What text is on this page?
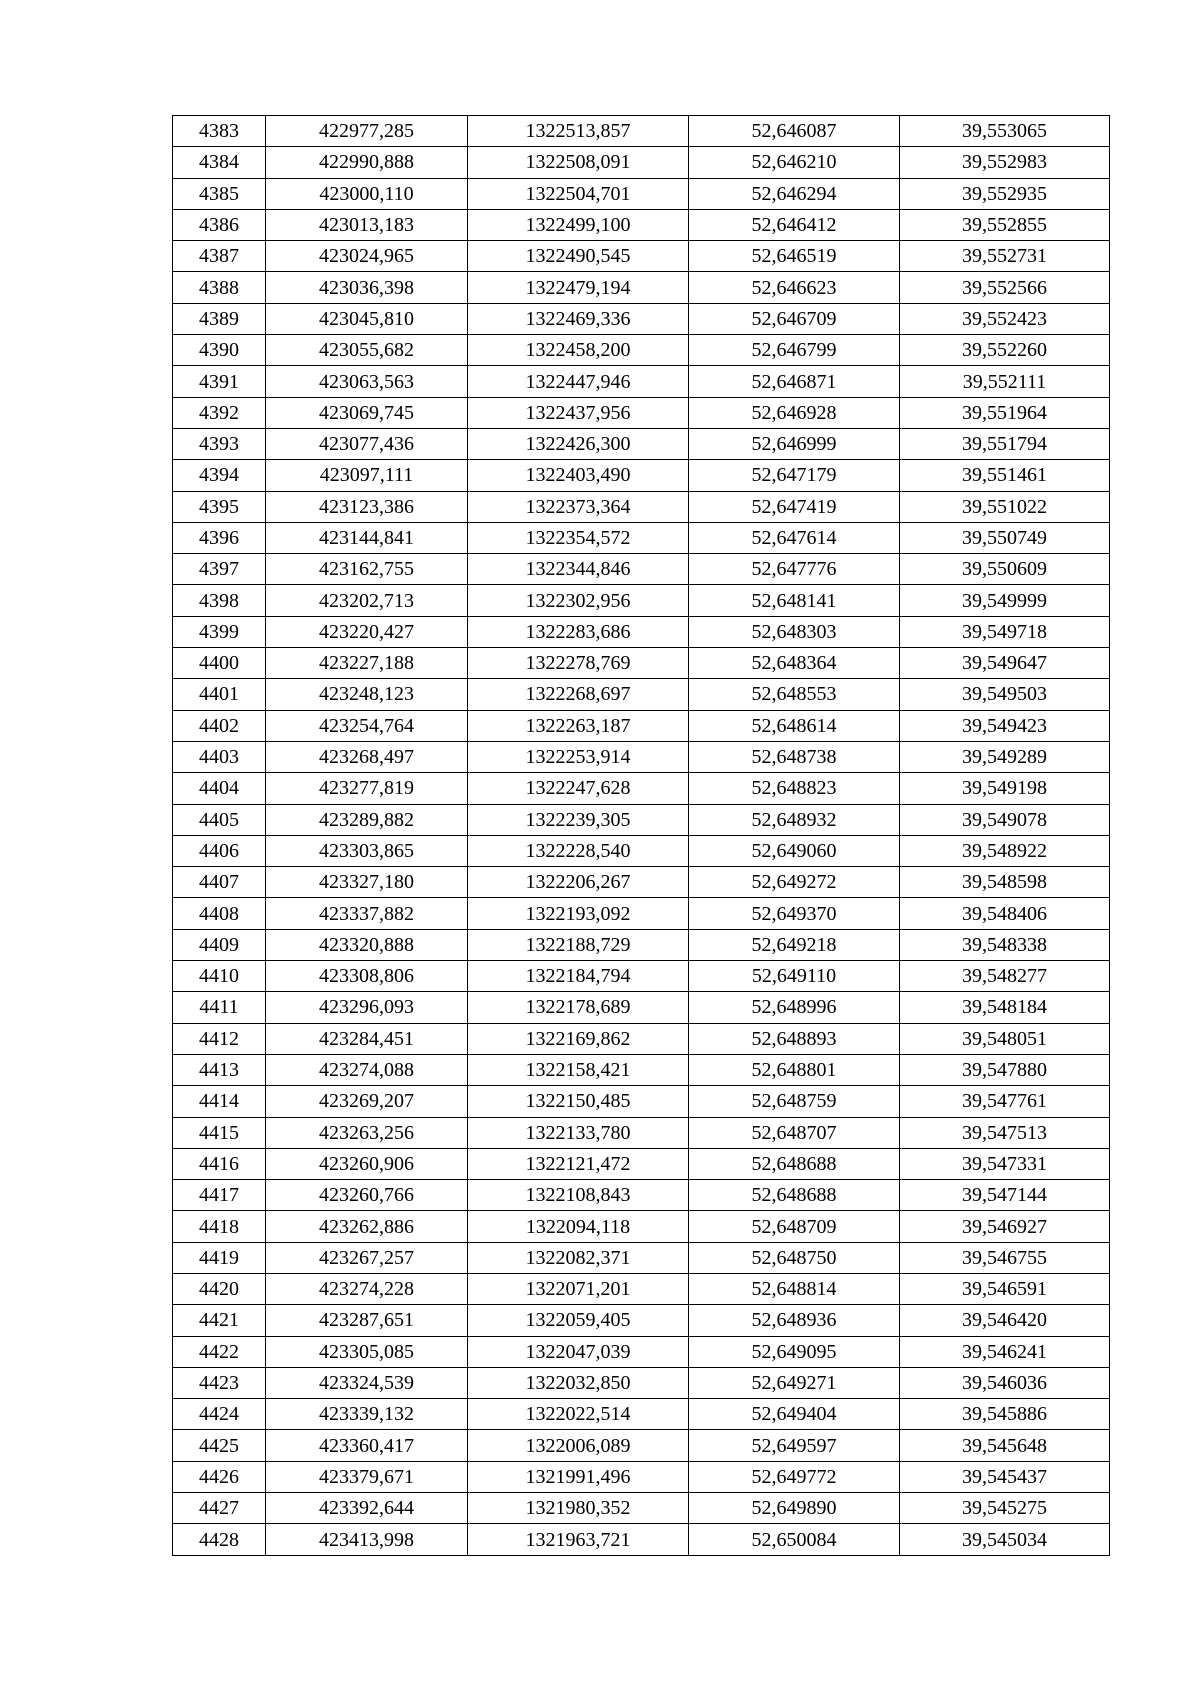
4383	422977,285	1322513,857	52,646087	39,553065
4384	422990,888	1322508,091	52,646210	39,552983
4385	423000,110	1322504,701	52,646294	39,552935
4386	423013,183	1322499,100	52,646412	39,552855
4387	423024,965	1322490,545	52,646519	39,552731
4388	423036,398	1322479,194	52,646623	39,552566
4389	423045,810	1322469,336	52,646709	39,552423
4390	423055,682	1322458,200	52,646799	39,552260
4391	423063,563	1322447,946	52,646871	39,552111
4392	423069,745	1322437,956	52,646928	39,551964
4393	423077,436	1322426,300	52,646999	39,551794
4394	423097,111	1322403,490	52,647179	39,551461
4395	423123,386	1322373,364	52,647419	39,551022
4396	423144,841	1322354,572	52,647614	39,550749
4397	423162,755	1322344,846	52,647776	39,550609
4398	423202,713	1322302,956	52,648141	39,549999
4399	423220,427	1322283,686	52,648303	39,549718
4400	423227,188	1322278,769	52,648364	39,549647
4401	423248,123	1322268,697	52,648553	39,549503
4402	423254,764	1322263,187	52,648614	39,549423
4403	423268,497	1322253,914	52,648738	39,549289
4404	423277,819	1322247,628	52,648823	39,549198
4405	423289,882	1322239,305	52,648932	39,549078
4406	423303,865	1322228,540	52,649060	39,548922
4407	423327,180	1322206,267	52,649272	39,548598
4408	423337,882	1322193,092	52,649370	39,548406
4409	423320,888	1322188,729	52,649218	39,548338
4410	423308,806	1322184,794	52,649110	39,548277
4411	423296,093	1322178,689	52,648996	39,548184
4412	423284,451	1322169,862	52,648893	39,548051
4413	423274,088	1322158,421	52,648801	39,547880
4414	423269,207	1322150,485	52,648759	39,547761
4415	423263,256	1322133,780	52,648707	39,547513
4416	423260,906	1322121,472	52,648688	39,547331
4417	423260,766	1322108,843	52,648688	39,547144
4418	423262,886	1322094,118	52,648709	39,546927
4419	423267,257	1322082,371	52,648750	39,546755
4420	423274,228	1322071,201	52,648814	39,546591
4421	423287,651	1322059,405	52,648936	39,546420
4422	423305,085	1322047,039	52,649095	39,546241
4423	423324,539	1322032,850	52,649271	39,546036
4424	423339,132	1322022,514	52,649404	39,545886
4425	423360,417	1322006,089	52,649597	39,545648
4426	423379,671	1321991,496	52,649772	39,545437
4427	423392,644	1321980,352	52,649890	39,545275
4428	423413,998	1321963,721	52,650084	39,545034
